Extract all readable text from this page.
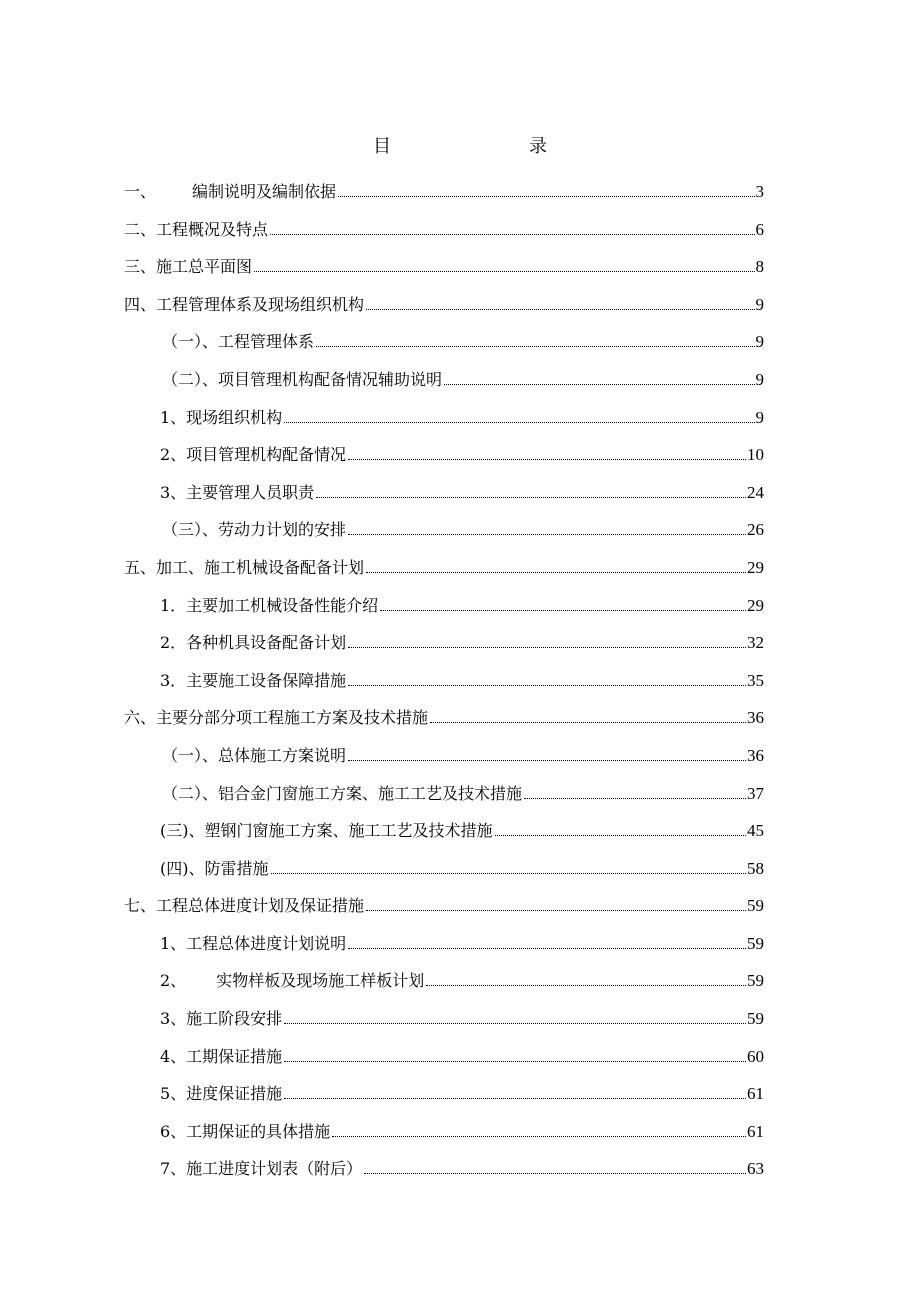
目　　录
一、 编制说明及编制依据	3
二、工程概况及特点	6
三、施工总平面图	8
四、工程管理体系及现场组织机构	9
（一）、工程管理体系	9
（二）、项目管理机构配备情况辅助说明	9
1、现场组织机构	9
2、项目管理机构配备情况	10
3、主要管理人员职责	24
（三）、劳动力计划的安排	26
五、加工、施工机械设备配备计划	29
1．主要加工机械设备性能介绍	29
2．各种机具设备配备计划	32
3．主要施工设备保障措施	35
六、主要分部分项工程施工方案及技术措施	36
（一）、总体施工方案说明	36
（二）、铝合金门窗施工方案、施工工艺及技术措施	37
(三)、塑钢门窗施工方案、施工工艺及技术措施	45
(四)、防雷措施	58
七、工程总体进度计划及保证措施	59
1、工程总体进度计划说明	59
2、 实物样板及现场施工样板计划	59
3、施工阶段安排	59
4、工期保证措施	60
5、进度保证措施	61
6、工期保证的具体措施	61
7、施工进度计划表（附后）	63
